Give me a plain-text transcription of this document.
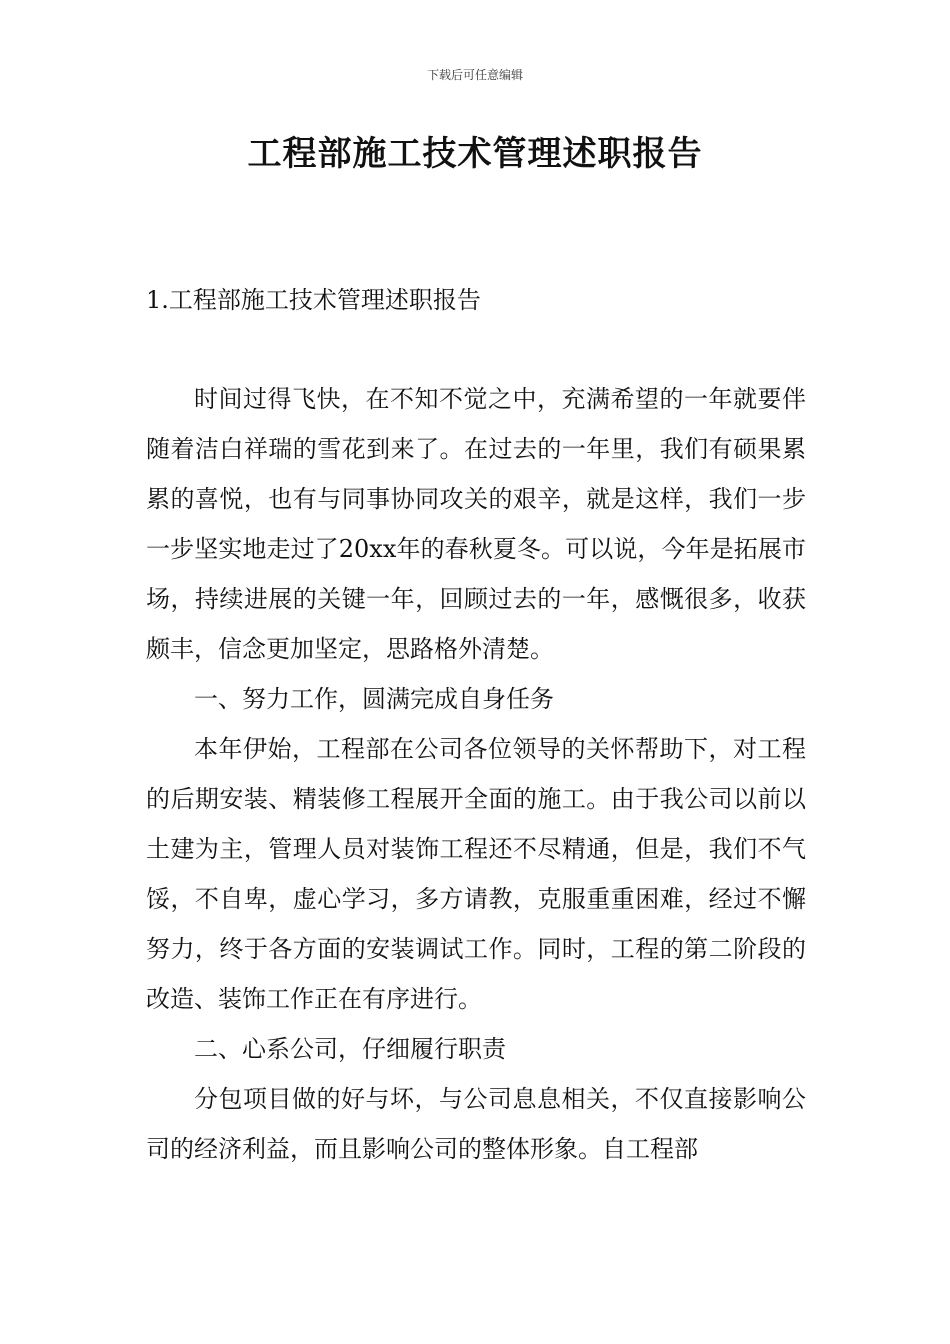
下载后可任意编辑
工程部施工技术管理述职报告
1.工程部施工技术管理述职报告

时间过得飞快，在不知不觉之中，充满希望的一年就要伴随着洁白祥瑞的雪花到来了。在过去的一年里，我们有硕果累累的喜悦，也有与同事协同攻关的艰辛，就是这样，我们一步一步坚实地走过了20xx年的春秋夏冬。可以说，今年是拓展市场，持续进展的关键一年，回顾过去的一年，感慨很多，收获颇丰，信念更加坚定，思路格外清楚。

一、努力工作，圆满完成自身任务

本年伊始，工程部在公司各位领导的关怀帮助下，对工程的后期安装、精装修工程展开全面的施工。由于我公司以前以土建为主，管理人员对装饰工程还不尽精通，但是，我们不气馁，不自卑，虚心学习，多方请教，克服重重困难，经过不懈努力，终于各方面的安装调试工作。同时，工程的第二阶段的改造、装饰工作正在有序进行。

二、心系公司，仔细履行职责

分包项目做的好与坏，与公司息息相关，不仅直接影响公司的经济利益，而且影响公司的整体形象。自工程部
